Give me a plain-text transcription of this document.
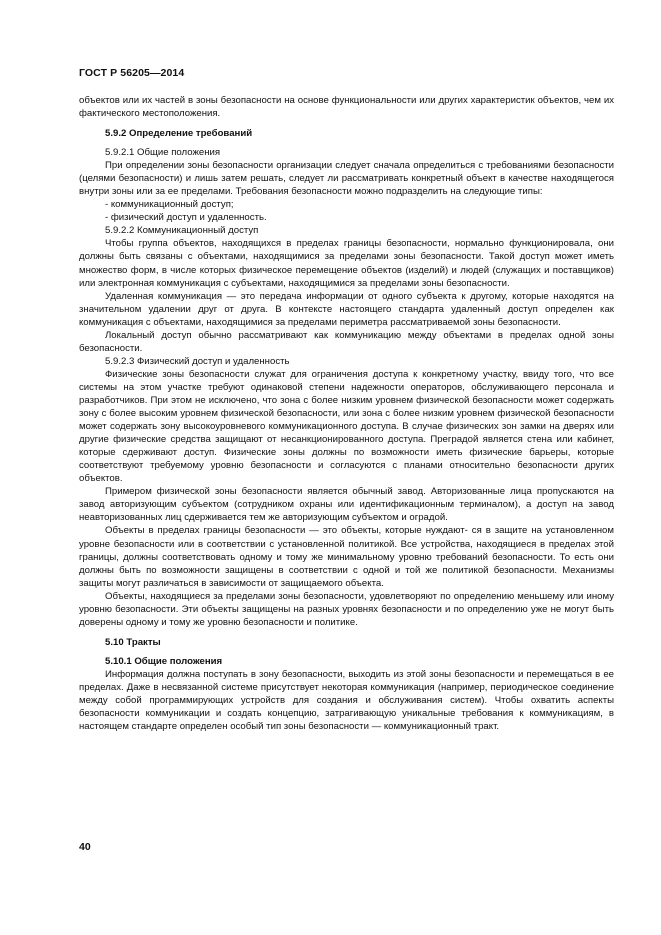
ГОСТ Р 56205—2014

объектов или их частей в зоны безопасности на основе функциональности или других характеристик объектов, чем их фактического местоположения.

5.9.2 Определение требований

5.9.2.1 Общие положения

При определении зоны безопасности организации следует сначала определиться с требованиями безопасности (целями безопасности) и лишь затем решать, следует ли рассматривать конкретный объект в качестве находящегося внутри зоны или за ее пределами. Требования безопасности можно подразделить на следующие типы:

- коммуникационный доступ;

- физический доступ и удаленность.

5.9.2.2 Коммуникационный доступ

Чтобы группа объектов, находящихся в пределах границы безопасности, нормально функционировала, они должны быть связаны с объектами, находящимися за пределами зоны безопасности. Такой доступ может иметь множество форм, в числе которых физическое перемещение объектов (изделий) и людей (служащих и поставщиков) или электронная коммуникация с субъектами, находящимися за пределами зоны безопасности.

Удаленная коммуникация — это передача информации от одного субъекта к другому, которые находятся на значительном удалении друг от друга. В контексте настоящего стандарта удаленный доступ определен как коммуникация с объектами, находящимися за пределами периметра рассматриваемой зоны безопасности.

Локальный доступ обычно рассматривают как коммуникацию между объектами в пределах одной зоны безопасности.

5.9.2.3 Физический доступ и удаленность

Физические зоны безопасности служат для ограничения доступа к конкретному участку, ввиду того, что все системы на этом участке требуют одинаковой степени надежности операторов, обслуживающего персонала и разработчиков. При этом не исключено, что зона с более низким уровнем физической безопасности может содержать зону с более высоким уровнем физической безопасности, или зона с более низким уровнем физической безопасности может содержать зону высокоуровневого коммуникационного доступа. В случае физических зон замки на дверях или другие физические средства защищают от несанкционированного доступа. Преградой является стена или кабинет, которые сдерживают доступ. Физические зоны должны по возможности иметь физические барьеры, которые соответствуют требуемому уровню безопасности и согласуются с планами относительно безопасности других объектов.

Примером физической зоны безопасности является обычный завод. Авторизованные лица пропускаются на завод авторизующим субъектом (сотрудником охраны или идентификационным терминалом), а доступ на завод неавторизованных лиц сдерживается тем же авторизующим субъектом и оградой.

Объекты в пределах границы безопасности — это объекты, которые нуждают- ся в защите на установленном уровне безопасности или в соответствии с установленной политикой. Все устройства, находящиеся в пределах этой границы, должны соответствовать одному и тому же минимальному уровню требований безопасности. То есть они должны быть по возможности защищены в соответствии с одной и той же политикой безопасности. Механизмы защиты могут различаться в зависимости от защищаемого объекта.

Объекты, находящиеся за пределами зоны безопасности, удовлетворяют по определению меньшему или иному уровню безопасности. Эти объекты защищены на разных уровнях безопасности и по определению уже не могут быть доверены одному и тому же уровню безопасности и политике.

5.10 Тракты
5.10.1 Общие положения

Информация должна поступать в зону безопасности, выходить из этой зоны безопасности и перемещаться в ее пределах. Даже в несвязанной системе присутствует некоторая коммуникация (например, периодическое соединение между собой программирующих устройств для создания и обслуживания систем). Чтобы охватить аспекты безопасности коммуникации и создать концепцию, затрагивающую уникальные требования к коммуникациям, в настоящем стандарте определен особый тип зоны безопасности — коммуникационный тракт.

40
